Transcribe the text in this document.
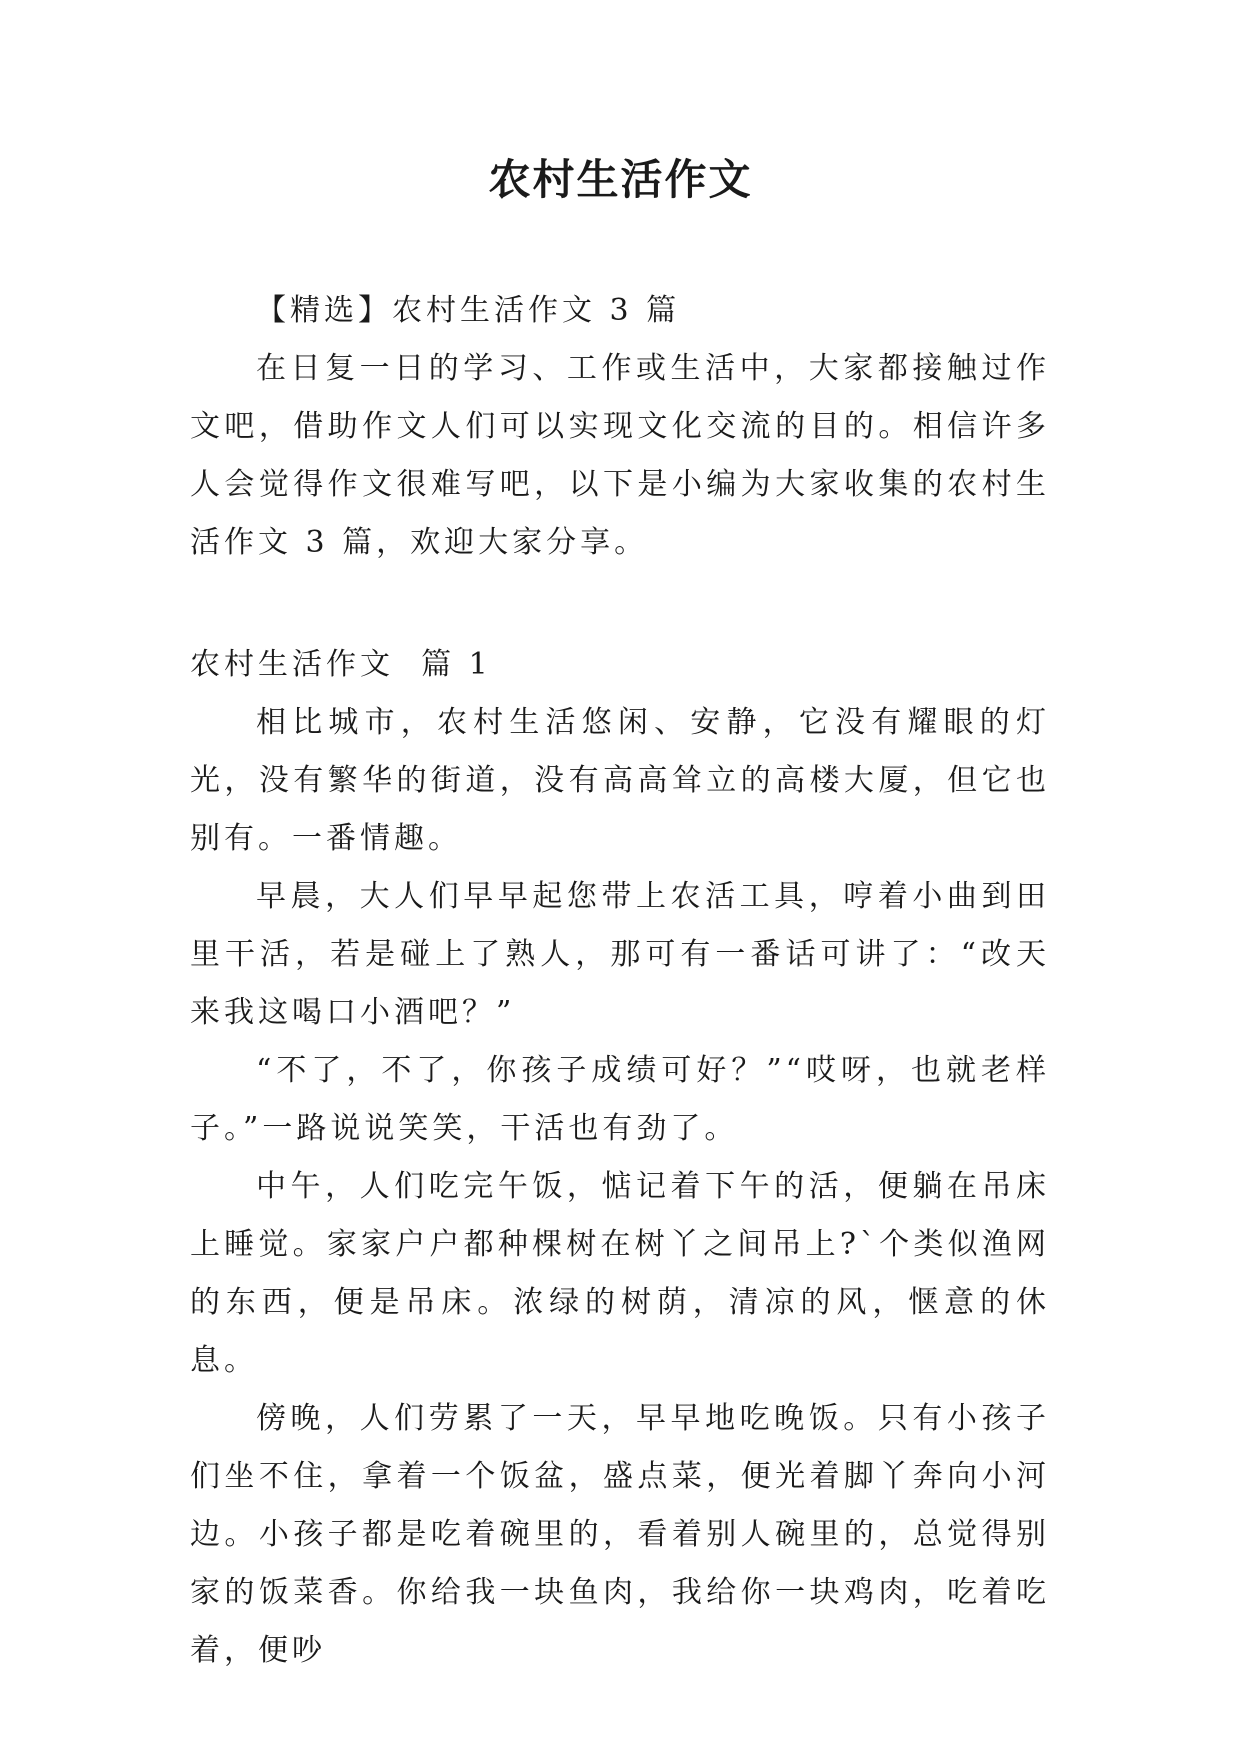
农村生活作文

【精选】农村生活作文 3 篇

在日复一日的学习、工作或生活中，大家都接触过作文吧，借助作文人们可以实现文化交流的目的。相信许多人会觉得作文很难写吧，以下是小编为大家收集的农村生活作文 3 篇，欢迎大家分享。

农村生活作文  篇 1

相比城市，农村生活悠闲、安静，它没有耀眼的灯光，没有繁华的街道，没有高高耸立的高楼大厦，但它也别有。一番情趣。

早晨，大人们早早起您带上农活工具，哼着小曲到田里干活，若是碰上了熟人，那可有一番话可讲了：“改天来我这喝口小酒吧？”

“不了，不了，你孩子成绩可好？”“哎呀，也就老样子。”一路说说笑笑，干活也有劲了。

中午，人们吃完午饭，惦记着下午的活，便躺在吊床上睡觉。家家户户都种棵树在树丫之间吊上?`个类似渔网的东西，便是吊床。浓绿的树荫，清凉的风，惬意的休息。

傍晚，人们劳累了一天，早早地吃晚饭。只有小孩子们坐不住，拿着一个饭盆，盛点菜，便光着脚丫奔向小河边。小孩子都是吃着碗里的，看着别人碗里的，总觉得别家的饭菜香。你给我一块鱼肉，我给你一块鸡肉，吃着吃着，便吵
